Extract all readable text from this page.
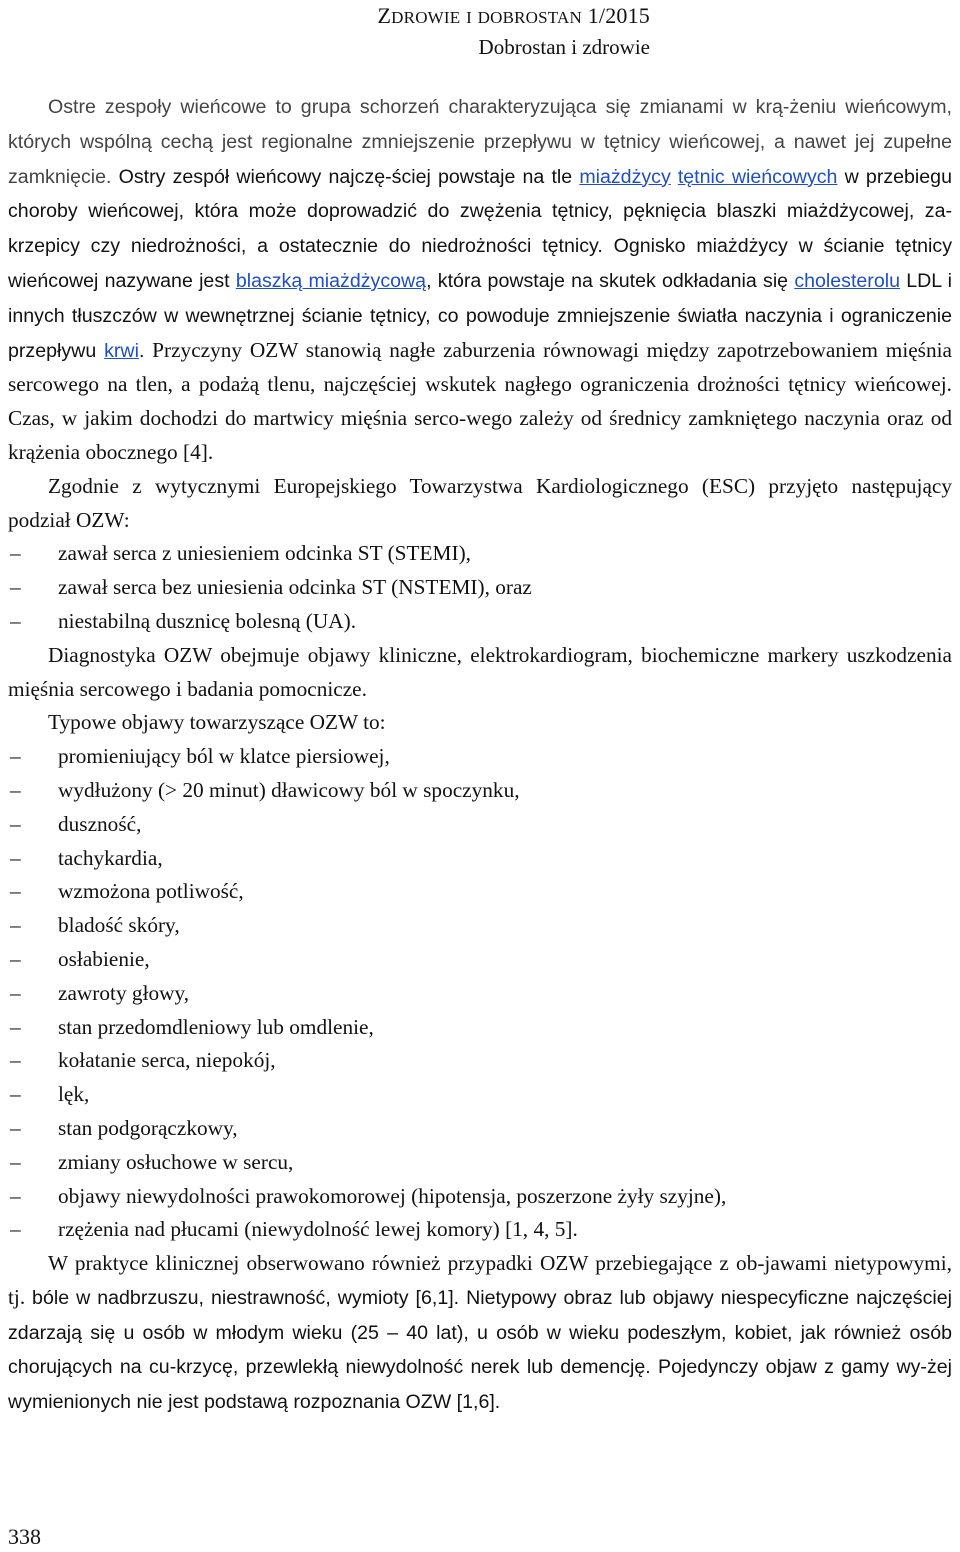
ZDROWIE I DOBROSTAN 1/2015
Dobrostan i zdrowie

Ostre zespoły wieńcowe to grupa schorzeń charakteryzująca się zmianami w krą-żeniu wieńcowym, których wspólną cechą jest regionalne zmniejszenie przepływu w tętnicy wieńcowej, a nawet jej zupełne zamknięcie. Ostry zespół wieńcowy najczę-ściej powstaje na tle miażdżycy tętnic wieńcowych w przebiegu choroby wieńcowej, która może doprowadzić do zwężenia tętnicy, pęknięcia blaszki miażdżycowej, za-krzepicy czy niedrożności, a ostatecznie do niedrożności tętnicy. Ognisko miażdżycy w ścianie tętnicy wieńcowej nazywane jest blaszką miażdżycową, która powstaje na skutek odkładania się cholesterolu LDL i innych tłuszczów w wewnętrznej ścianie tętnicy, co powoduje zmniejszenie światła naczynia i ograniczenie przepływu krwi. Przyczyny OZW stanowią nagłe zaburzenia równowagi między zapotrzebowaniem mięśnia sercowego na tlen, a podażą tlenu, najczęściej wskutek nagłego ograniczenia drożności tętnicy wieńcowej. Czas, w jakim dochodzi do martwicy mięśnia serco-wego zależy od średnicy zamkniętego naczynia oraz od krążenia obocznego [4].

Zgodnie z wytycznymi Europejskiego Towarzystwa Kardiologicznego (ESC) przyjęto następujący podział OZW:

–	zawał serca z uniesieniem odcinka ST (STEMI),
–	zawał serca bez uniesienia odcinka ST (NSTEMI), oraz
–	niestabilną dusznicę bolesną (UA).

Diagnostyka OZW obejmuje objawy kliniczne, elektrokardiogram, biochemiczne markery uszkodzenia mięśnia sercowego i badania pomocnicze.

Typowe objawy towarzyszące OZW to:

–	promieniujący ból w klatce piersiowej,
–	wydłużony (> 20 minut) dławicowy ból w spoczynku,
–	duszność,
–	tachykardia,
–	wzmożona potliwość,
–	bladość skóry,
–	osłabienie,
–	zawroty głowy,
–	stan przedomdleniowy lub omdlenie,
–	kołatanie serca, niepokój,
–	lęk,
–	stan podgorączkowy,
–	zmiany osłuchowe w sercu,
–	objawy niewydolności prawokomorowej (hipotensja, poszerzone żyły szyjne),
–	rzężenia nad płucami (niewydolność lewej komory) [1, 4, 5].

W praktyce klinicznej obserwowano również przypadki OZW przebiegające z ob-jawami nietypowymi, tj. bóle w nadbrzuszu, niestrawność, wymioty [6,1]. Nietypowy obraz lub objawy niespecyficzne najczęściej zdarzają się u osób w młodym wieku (25 – 40 lat), u osób w wieku podeszłym, kobiet, jak również osób chorujących na cu-krzycę, przewlekłą niewydolność nerek lub demencję. Pojedynczy objaw z gamy wy-żej wymienionych nie jest podstawą rozpoznania OZW [1,6].

338
